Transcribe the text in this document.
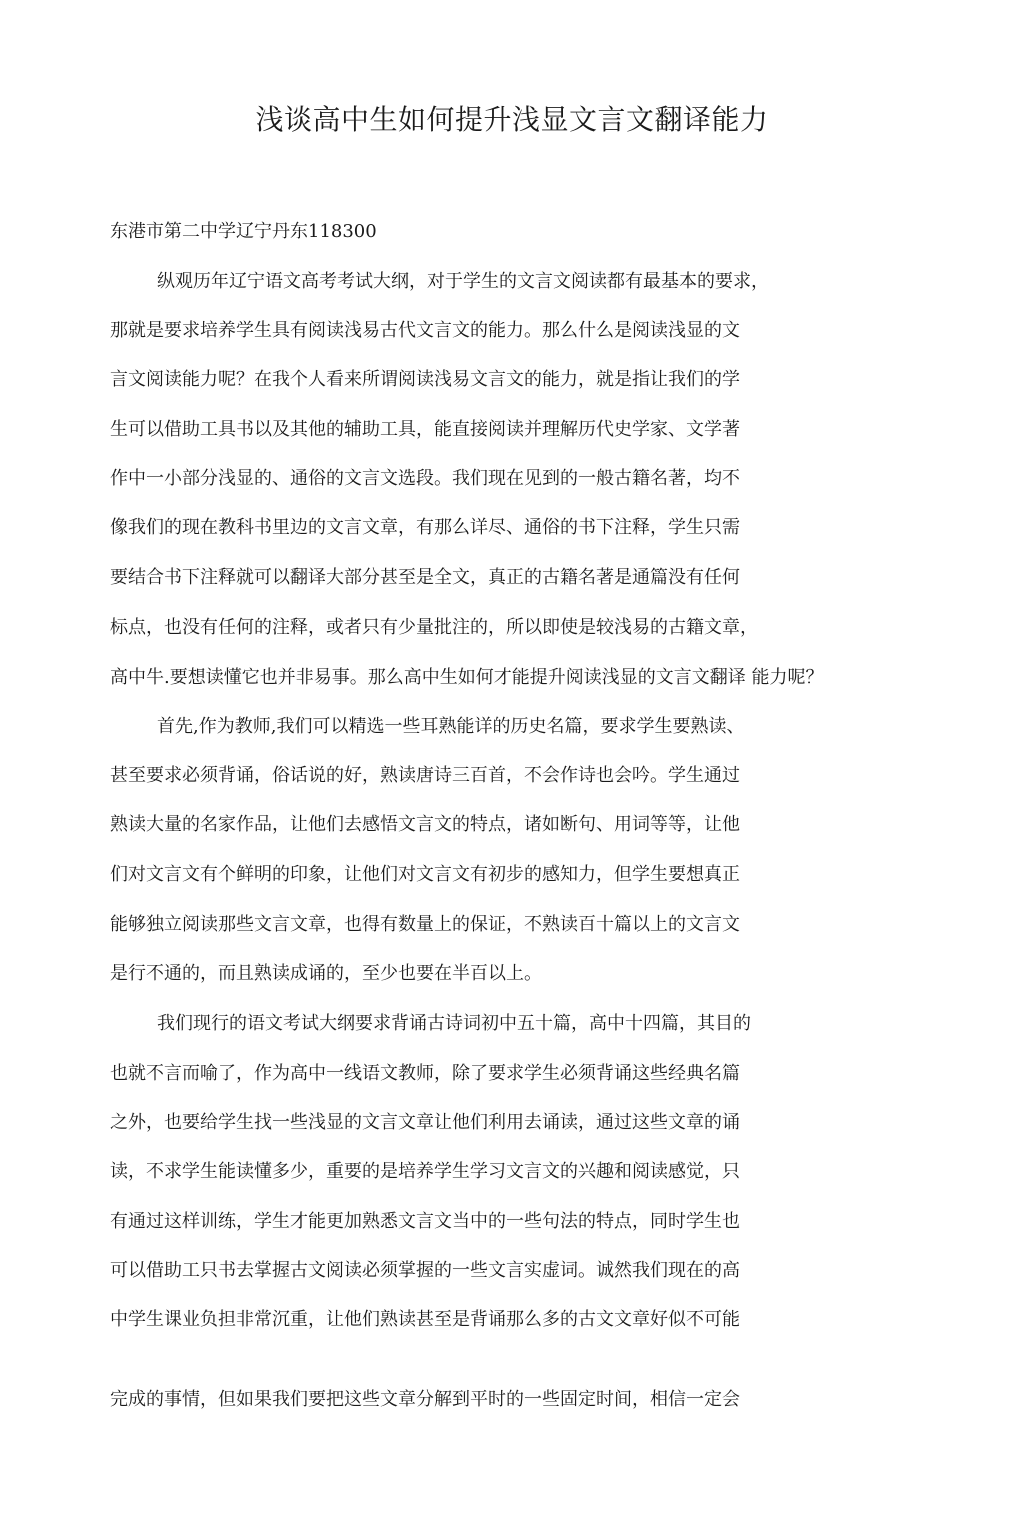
浅谈高中生如何提升浅显文言文翻译能力

东港市第二中学辽宁丹东118300

纵观历年辽宁语文高考考试大纲，对于学生的文言文阅读都有最基本的要求，

那就是要求培养学生具有阅读浅易古代文言文的能力。那么什么是阅读浅显的文

言文阅读能力呢？在我个人看来所谓阅读浅易文言文的能力，就是指让我们的学

生可以借助工具书以及其他的辅助工具，能直接阅读并理解历代史学家、文学著

作中一小部分浅显的、通俗的文言文选段。我们现在见到的一般古籍名著，均不

像我们的现在教科书里边的文言文章，有那么详尽、通俗的书下注释，学生只需

要结合书下注释就可以翻译大部分甚至是全文，真正的古籍名著是通篇没有任何

标点，也没有任何的注释，或者只有少量批注的，所以即使是较浅易的古籍文章，

高中牛.要想读懂它也并非易事。那么高中生如何才能提升阅读浅显的文言文翻译 能力呢？

首先,作为教师,我们可以精选一些耳熟能详的历史名篇，要求学生要熟读、

甚至要求必须背诵，俗话说的好，熟读唐诗三百首，不会作诗也会吟。学生通过

熟读大量的名家作品，让他们去感悟文言文的特点，诸如断句、用词等等，让他

们对文言文有个鲜明的印象，让他们对文言文有初步的感知力，但学生要想真正

能够独立阅读那些文言文章，也得有数量上的保证，不熟读百十篇以上的文言文

是行不通的，而且熟读成诵的，至少也要在半百以上。

我们现行的语文考试大纲要求背诵古诗词初中五十篇，高中十四篇，其目的

也就不言而喻了，作为高中一线语文教师，除了要求学生必须背诵这些经典名篇

之外，也要给学生找一些浅显的文言文章让他们利用去诵读，通过这些文章的诵

读，不求学生能读懂多少，重要的是培养学生学习文言文的兴趣和阅读感觉，只

有通过这样训练，学生才能更加熟悉文言文当中的一些句法的特点，同时学生也

可以借助工只书去掌握古文阅读必须掌握的一些文言实虚词。诚然我们现在的高

中学生课业负担非常沉重，让他们熟读甚至是背诵那么多的古文文章好似不可能

完成的事情，但如果我们要把这些文章分解到平时的一些固定时间，相信一定会
